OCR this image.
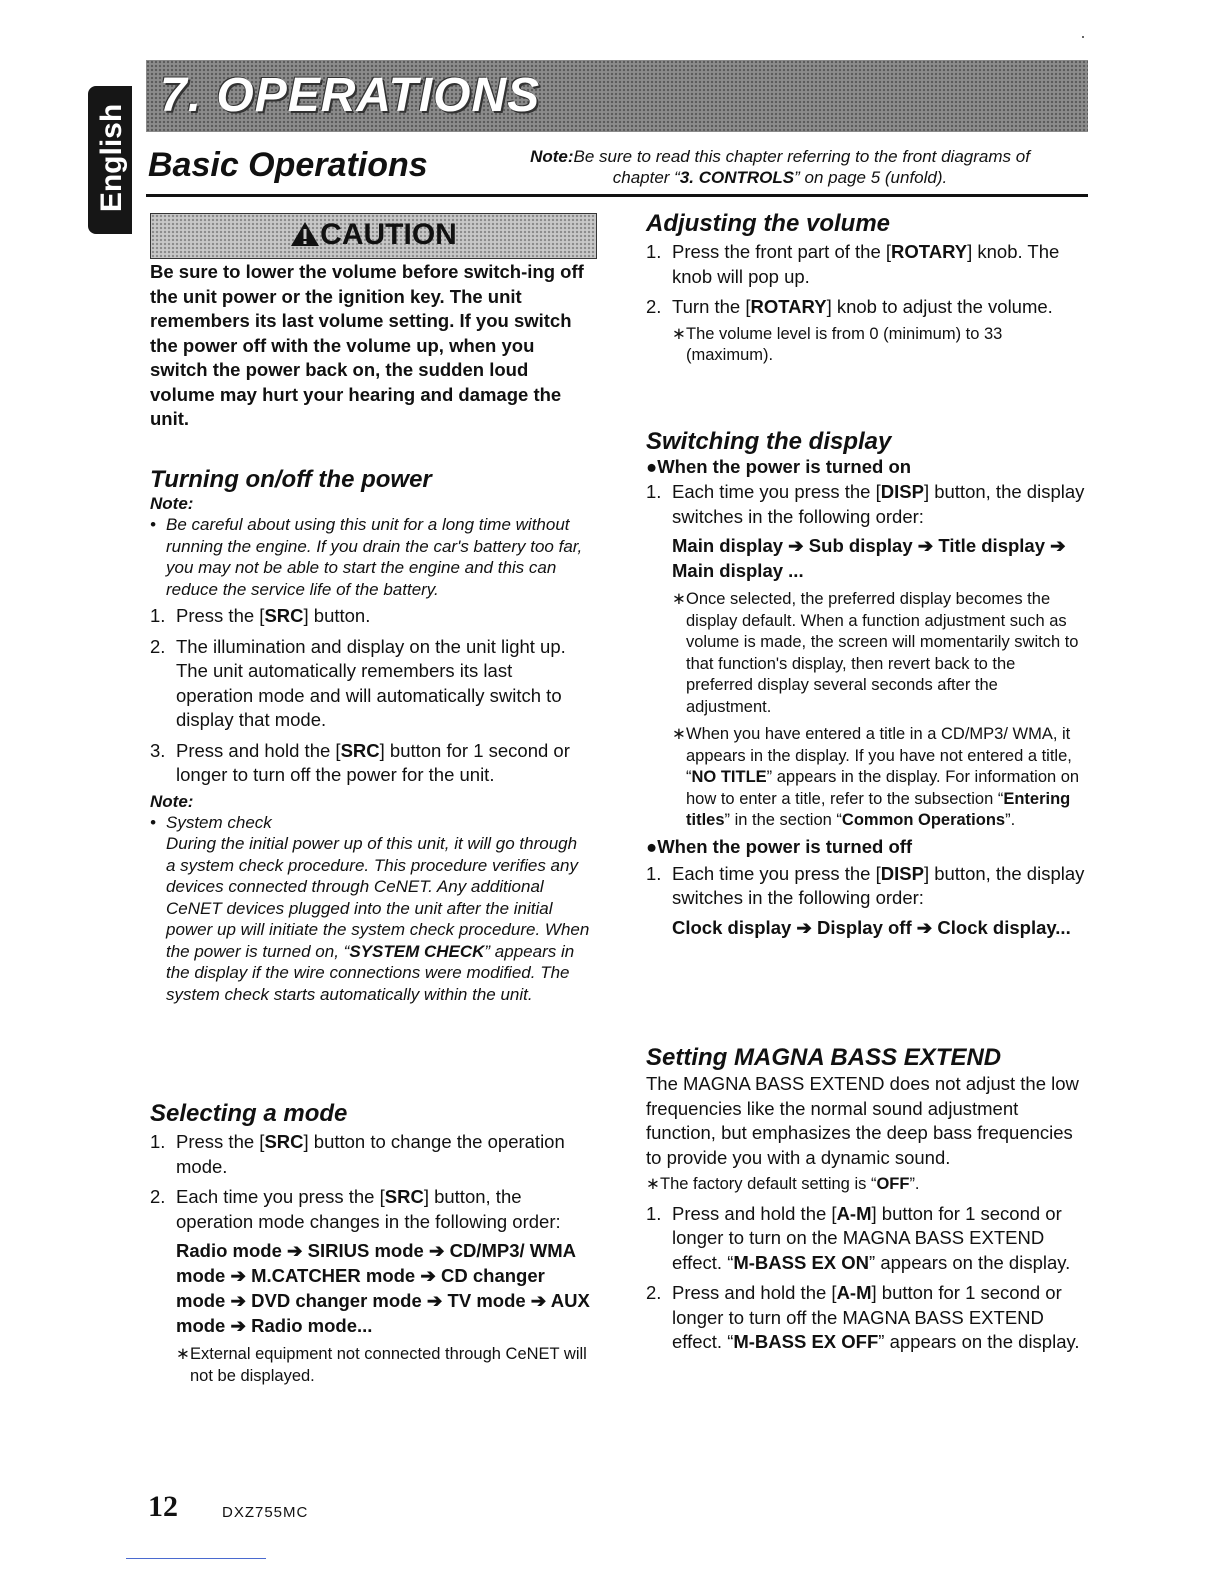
English
7. OPERATIONS
Basic Operations	Note:Be sure to read this chapter referring to the front diagrams of
chapter “3. CONTROLS” on page 5 (unfold).
CAUTION
Be sure to lower the volume before switch-ing off the unit power or the ignition key. The unit remembers its last volume setting. If you switch the power off with the volume up, when you switch the power back on, the sudden loud volume may hurt your hearing and damage the unit.
Turning on/off the power
Note:
• Be careful about using this unit for a long time without running the engine. If you drain the car's battery too far, you may not be able to start the engine and this can reduce the service life of the battery.
1. Press the [SRC] button.
2. The illumination and display on the unit light up. The unit automatically remembers its last operation mode and will automatically switch to display that mode.
3. Press and hold the [SRC] button for 1 second or longer to turn off the power for the unit.
Note:
• System check
During the initial power up of this unit, it will go through a system check procedure. This procedure verifies any devices connected through CeNET. Any additional CeNET devices plugged into the unit after the initial power up will initiate the system check procedure. When the power is turned on, “SYSTEM CHECK” appears in the display if the wire connections were modified. The system check starts automatically within the unit.
Selecting a mode
1. Press the [SRC] button to change the operation mode.
2. Each time you press the [SRC] button, the operation mode changes in the following order:
Radio mode ➔ SIRIUS mode ➔ CD/MP3/ WMA mode ➔ M.CATCHER mode ➔ CD changer mode ➔ DVD changer mode ➔ TV mode ➔ AUX mode ➔ Radio mode...
∗ External equipment not connected through CeNET will not be displayed.
Adjusting the volume
1. Press the front part of the [ROTARY] knob. The knob will pop up.
2. Turn the [ROTARY] knob to adjust the volume.
∗ The volume level is from 0 (minimum) to 33 (maximum).
Switching the display
●When the power is turned on
1. Each time you press the [DISP] button, the display switches in the following order:
Main display ➔ Sub display ➔ Title display ➔ Main display ...
∗ Once selected, the preferred display becomes the display default. When a function adjustment such as volume is made, the screen will momentarily switch to that function's display, then revert back to the preferred display several seconds after the adjustment.
∗ When you have entered a title in a CD/MP3/ WMA, it appears in the display. If you have not entered a title, “NO TITLE” appears in the display. For information on how to enter a title, refer to the subsection “Entering titles” in the section “Common Operations”.
●When the power is turned off
1. Each time you press the [DISP] button, the display switches in the following order:
Clock display ➔ Display off ➔ Clock display...
Setting MAGNA BASS EXTEND
The MAGNA BASS EXTEND does not adjust the low frequencies like the normal sound adjustment function, but emphasizes the deep bass frequencies to provide you with a dynamic sound.
∗ The factory default setting is “OFF”.
1. Press and hold the [A-M] button for 1 second or longer to turn on the MAGNA BASS EXTEND effect. “M-BASS EX ON” appears on the display.
2. Press and hold the [A-M] button for 1 second or longer to turn off the MAGNA BASS EXTEND effect. “M-BASS EX OFF” appears on the display.
12	DXZ755MC
